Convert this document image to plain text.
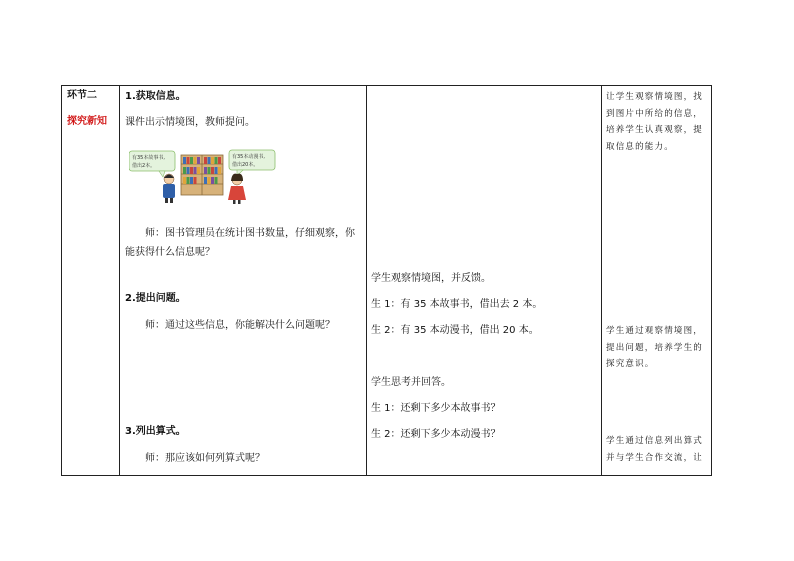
环节二
探究新知
1.获取信息。
课件出示情境图，教师提问。
有35本故事书,
借出2本。
有35本动漫书,
借出20本。
师：图书管理员在统计图书数量，仔细观察，你能获得什么信息呢？
2.提出问题。
师：通过这些信息，你能解决什么问题呢？
3.列出算式。
师：那应该如何列算式呢？
学生观察情境图，并反馈。
生 1：有 35 本故事书，借出去 2 本。
生 2：有 35 本动漫书，借出 20 本。
学生思考并回答。
生 1：还剩下多少本故事书？
生 2：还剩下多少本动漫书？
让学生观察情境图，找到图片中所给的信息，培养学生认真观察，提取信息的能力。
学生通过观察情境图，提出问题，培养学生的探究意识。
学生通过信息列出算式并与学生合作交流，让
